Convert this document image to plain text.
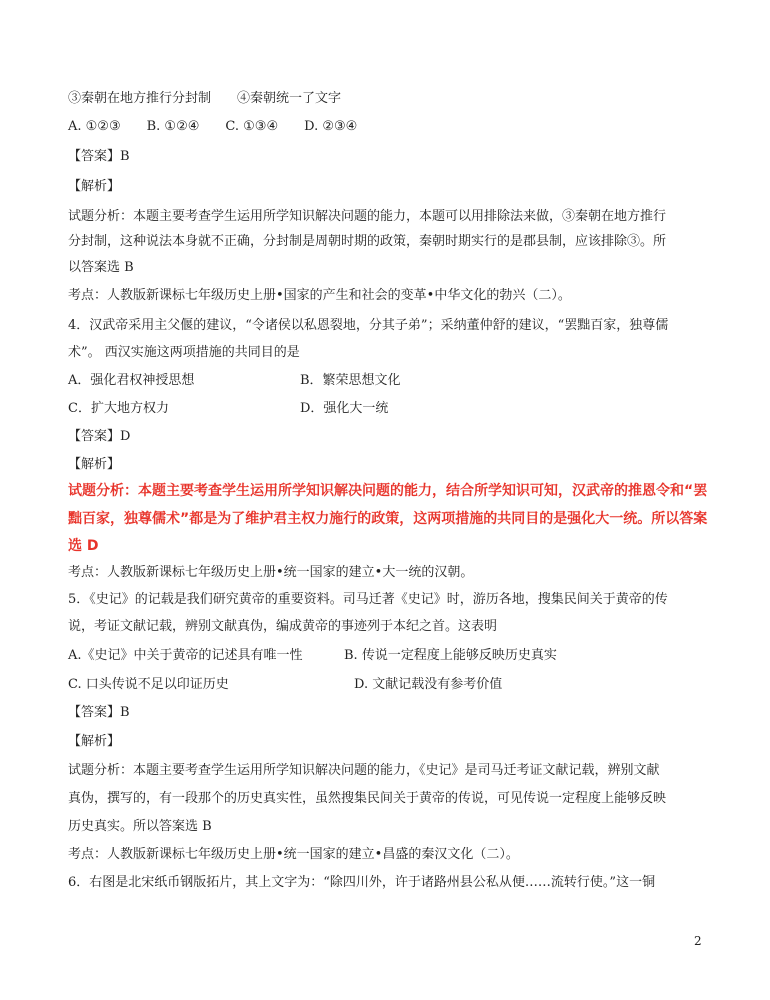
③秦朝在地方推行分封制　　④秦朝统一了文字
A. ①②③　　B. ①②④　　C. ①③④　　D. ②③④
【答案】B
【解析】
试题分析：本题主要考查学生运用所学知识解决问题的能力，本题可以用排除法来做，③秦朝在地方推行
分封制，这种说法本身就不正确，分封制是周朝时期的政策，秦朝时期实行的是郡县制，应该排除③。所
以答案选 B
考点：人教版新课标七年级历史上册•国家的产生和社会的变革•中华文化的勃兴（二）。
4．汉武帝采用主父偃的建议，“令诸侯以私恩裂地，分其子弟”；采纳董仲舒的建议，“罢黜百家，独尊儒
术”。 西汉实施这两项措施的共同目的是
A．强化君权神授思想	B．繁荣思想文化
C．扩大地方权力	D．强化大一统
【答案】D
【解析】
试题分析：本题主要考查学生运用所学知识解决问题的能力，结合所学知识可知，汉武帝的推恩令和“罢
黜百家，独尊儒术”都是为了维护君主权力施行的政策，这两项措施的共同目的是强化大一统。所以答案
选 D
考点：人教版新课标七年级历史上册•统一国家的建立•大一统的汉朝。
5．《史记》的记载是我们研究黄帝的重要资料。司马迁著《史记》时，游历各地，搜集民间关于黄帝的传
说，考证文献记载，辨别文献真伪，编成黄帝的事迹列于本纪之首。这表明
A.《史记》中关于黄帝的记述具有唯一性	B. 传说一定程度上能够反映历史真实
C. 口头传说不足以印证历史	D. 文献记载没有参考价值
【答案】B
【解析】
试题分析：本题主要考查学生运用所学知识解决问题的能力，《史记》是司马迁考证文献记载，辨别文献
真伪，撰写的，有一段那个的历史真实性，虽然搜集民间关于黄帝的传说，可见传说一定程度上能够反映
历史真实。所以答案选 B
考点：人教版新课标七年级历史上册•统一国家的建立•昌盛的秦汉文化（二）。
6．右图是北宋纸币钢版拓片，其上文字为：“除四川外，许于诸路州县公私从便……流转行使。”这一铜
2
